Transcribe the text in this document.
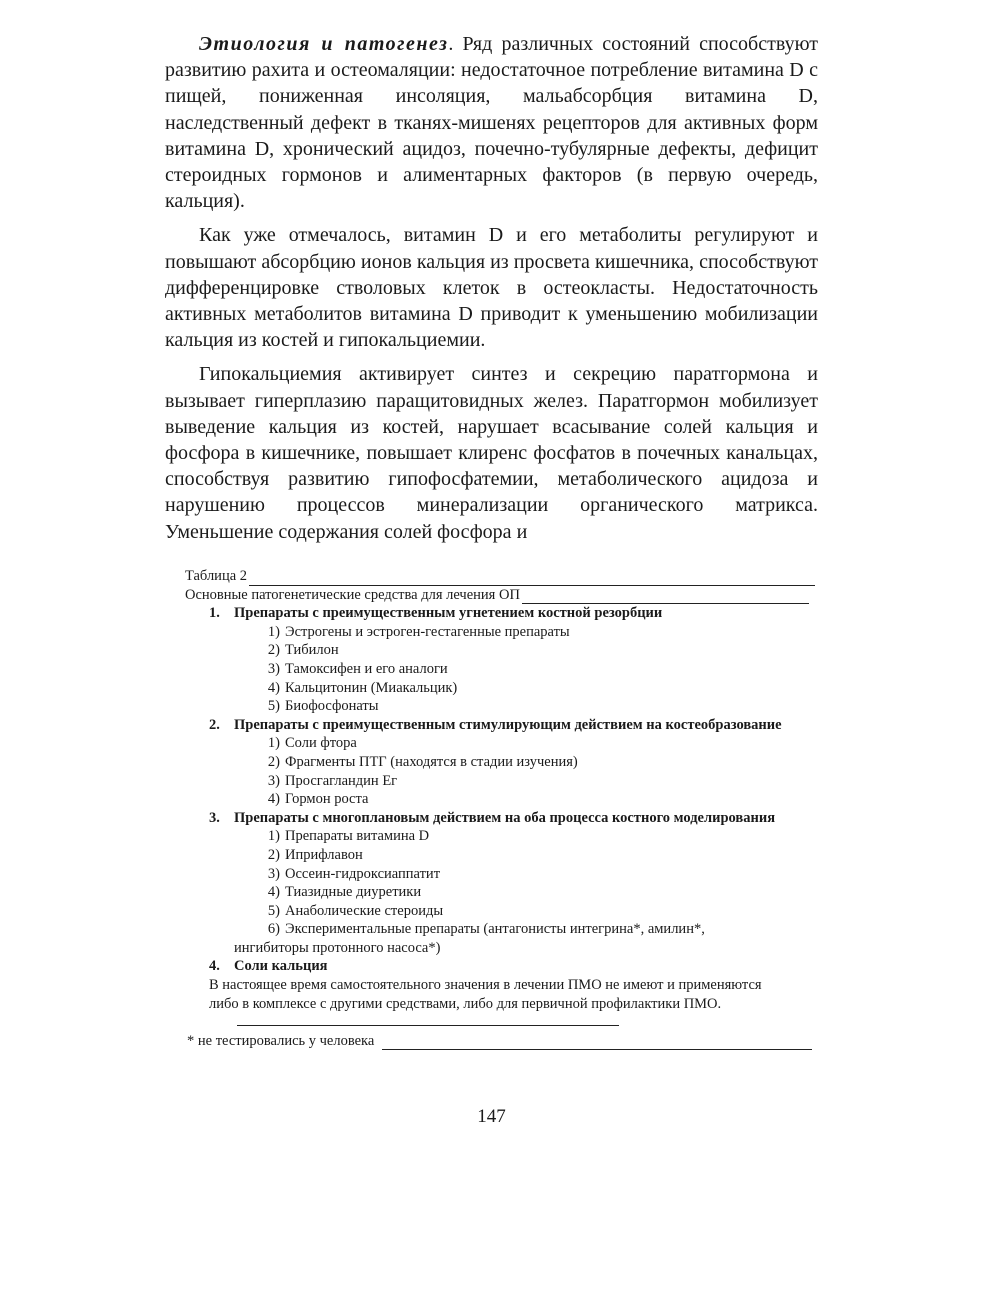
Этиология и патогенез. Ряд различных состояний способствуют развитию рахита и остеомаляции: недостаточное потребление витамина D с пищей, пониженная инсоляция, мальабсорбция витамина D, наследственный дефект в тканях-мишенях рецепторов для активных форм витамина D, хронический ацидоз, почечно-тубулярные дефекты, дефицит стероидных гормонов и алиментарных факторов (в первую очередь, кальция).

Как уже отмечалось, витамин D и его метаболиты регулируют и повышают абсорбцию ионов кальция из просвета кишечника, способствуют дифференцировке стволовых клеток в остеокласты. Недостаточность активных метаболитов витамина D приводит к уменьшению мобилизации кальция из костей и гипокальциемии.

Гипокальциемия активирует синтез и секрецию паратгормона и вызывает гиперплазию паращитовидных желез. Паратгормон мобилизует выведение кальция из костей, нарушает всасывание солей кальция и фосфора в кишечнике, повышает клиренс фосфатов в почечных канальцах, способствуя развитию гипофосфатемии, метаболического ацидоза и нарушению процессов минерализации органического матрикса. Уменьшение содержания солей фосфора и

Таблица 2
Основные патогенетические средства для лечения ОП
1. Препараты с преимущественным угнетением костной резорбции
1) Эстрогены и эстроген-гестагенные препараты
2) Тибилон
3) Тамоксифен и его аналоги
4) Кальцитонин (Миакальцик)
5) Биофосфонаты
2. Препараты с преимущественным стимулирующим действием на костеобразование
1) Соли фтора
2) Фрагменты ПТГ (находятся в стадии изучения)
3) Просгагландин Ег
4) Гормон роста
3. Препараты с многоплановым действием на оба процесса костного моделирования
1) Препараты витамина D
2) Иприфлавон
3) Оссеин-гидроксиаппатит
4) Тиазидные диуретики
5) Анаболические стероиды
6) Экспериментальные препараты (антагонисты интегрина*, амилин*, ингибиторы протонного насоса*)
4. Соли кальция
В настоящее время самостоятельного значения в лечении ПМО не имеют и применяются либо в комплексе с другими средствами, либо для первичной профилактики ПМО.
* не тестировались у человека
147
